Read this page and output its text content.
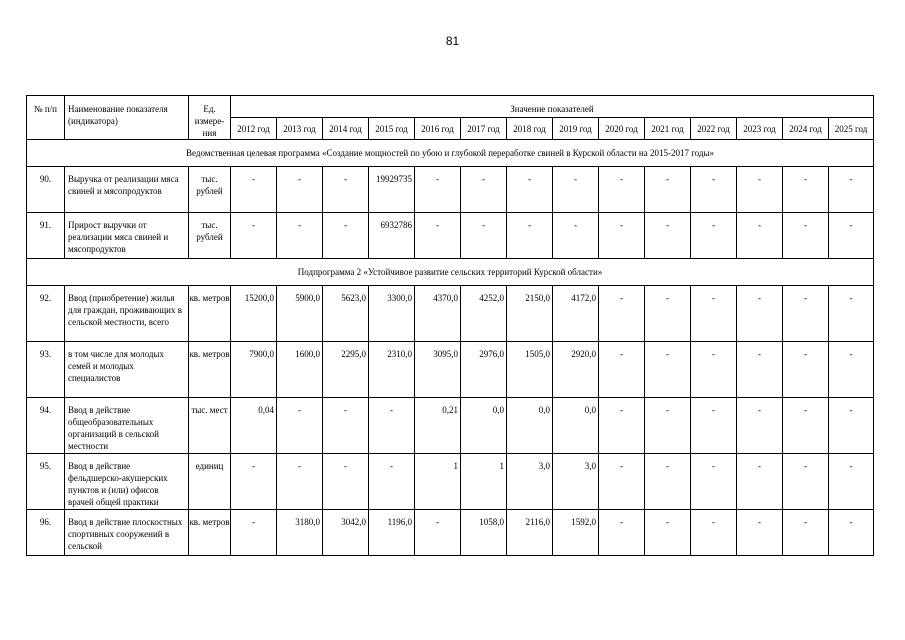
81
№ п/п	Наименование показателя (индикатора)	Ед. измере-ния	Значение показателей													
			2012 год	2013 год	2014 год	2015 год	2016 год	2017 год	2018 год	2019 год	2020 год	2021 год	2022 год	2023 год	2024 год	2025 год
Ведомственная целевая программа «Создание мощностей по убою и глубокой переработке свиней в Курской области на 2015-2017 годы»																
90.	Выручка от реализации мяса свиней и мясопродуктов	тыс. рублей	-	-	-	19929735	-	-	-	-	-	-	-	-	-	-
91.	Прирост выручки от реализации мяса свиней и мясопродуктов	тыс. рублей	-	-	-	6932786	-	-	-	-	-	-	-	-	-	-
Подпрограмма 2 «Устойчивое развитие сельских территорий Курской области»																
92.	Ввод (приобретение) жилья для граждан, проживающих в сельской местности, всего	кв. метров	15200,0	5900,0	5623,0	3300,0	4370,0	4252,0	2150,0	4172,0	-	-	-	-	-	-
93.	в том числе для молодых семей и молодых специалистов	кв. метров	7900,0	1600,0	2295,0	2310,0	3095,0	2976,0	1505,0	2920,0	-	-	-	-	-	-
94.	Ввод в действие общеобразовательных организаций в сельской местности	тыс. мест	0,04	-	-	-	0,21	0,0	0,0	0,0	-	-	-	-	-	-
95.	Ввод в действие фельдшерско-акушерских пунктов и (или) офисов врачей общей практики	единиц	-	-	-	-	1	1	3,0	3,0	-	-	-	-	-	-
96.	Ввод в действие плоскостных спортивных сооружений в сельской	кв. метров	-	3180,0	3042,0	1196,0	-	1058,0	2116,0	1592,0	-	-	-	-	-	-
